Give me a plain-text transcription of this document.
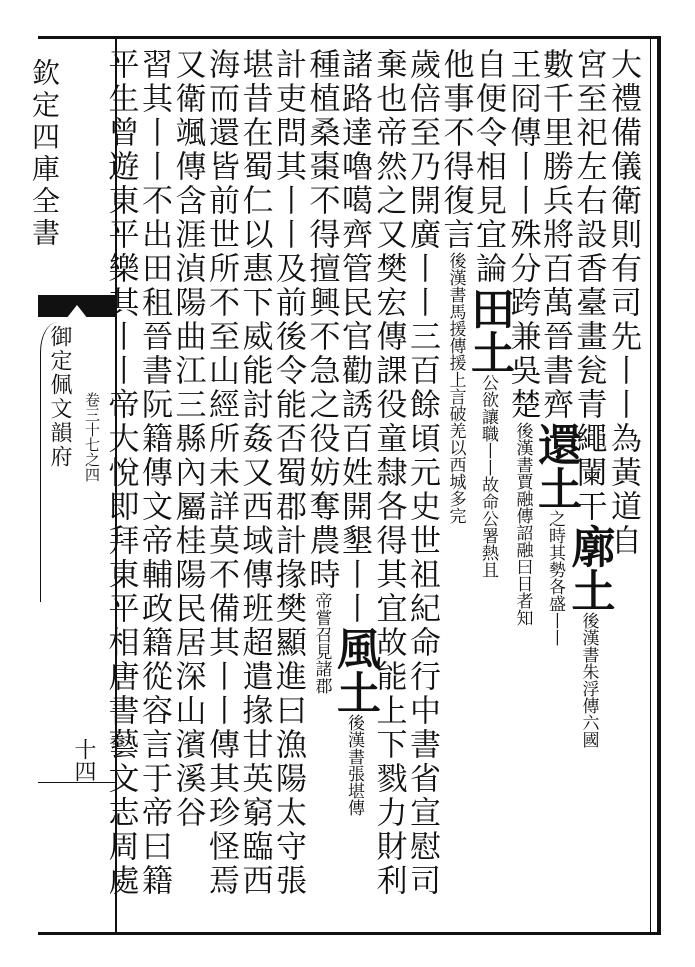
欽定四庫全書
御定佩文韻府 卷三十七之四
十四
大禮備儀衛則有司先丨丨為黃道自
宮至祀左右設香臺畫瓮青繩闌干廓土後漢書朱浮傳六國
數千里勝兵將百萬晉書齊還土之時其勢各盛丨丨
王冏傳丨丨殊分跨兼吳楚後漢書賈融傳詔融曰日者知
自便令相見宜論田土公欲讓職丨丨故命公署熱且
他事不得復言後漢書馬援傳援上言破羌以西城多完
歲倍至乃開廣丨丨三百餘頃元史世祖紀命行中書省宣慰司
棄也帝然之又樊宏傳課役童隸各得其宜故能上下戮力財利
諸路達嚕噶齊管民官勸誘百姓開墾丨丨風土後漢書張堪傳
種植桑棗不得擅興不急之役妨奪農時帝嘗召見諸郡
計吏問其丨丨及前後令能否蜀郡計掾樊顯進曰漁陽太守張
堪昔在蜀仁以惠下威能討姦又西域傳班超遣掾甘英窮臨西
海而還皆前世所不至山經所未詳莫不備其丨丨傳其珍怪焉
又衛颯傳含涯湞陽曲江三縣內屬桂陽民居深山濱溪谷
習其丨丨不出田租晉書阮籍傳文帝輔政籍從容言于帝曰籍
平生曾遊東平樂其丨丨帝大悅即拜東平相唐書藝文志周處
